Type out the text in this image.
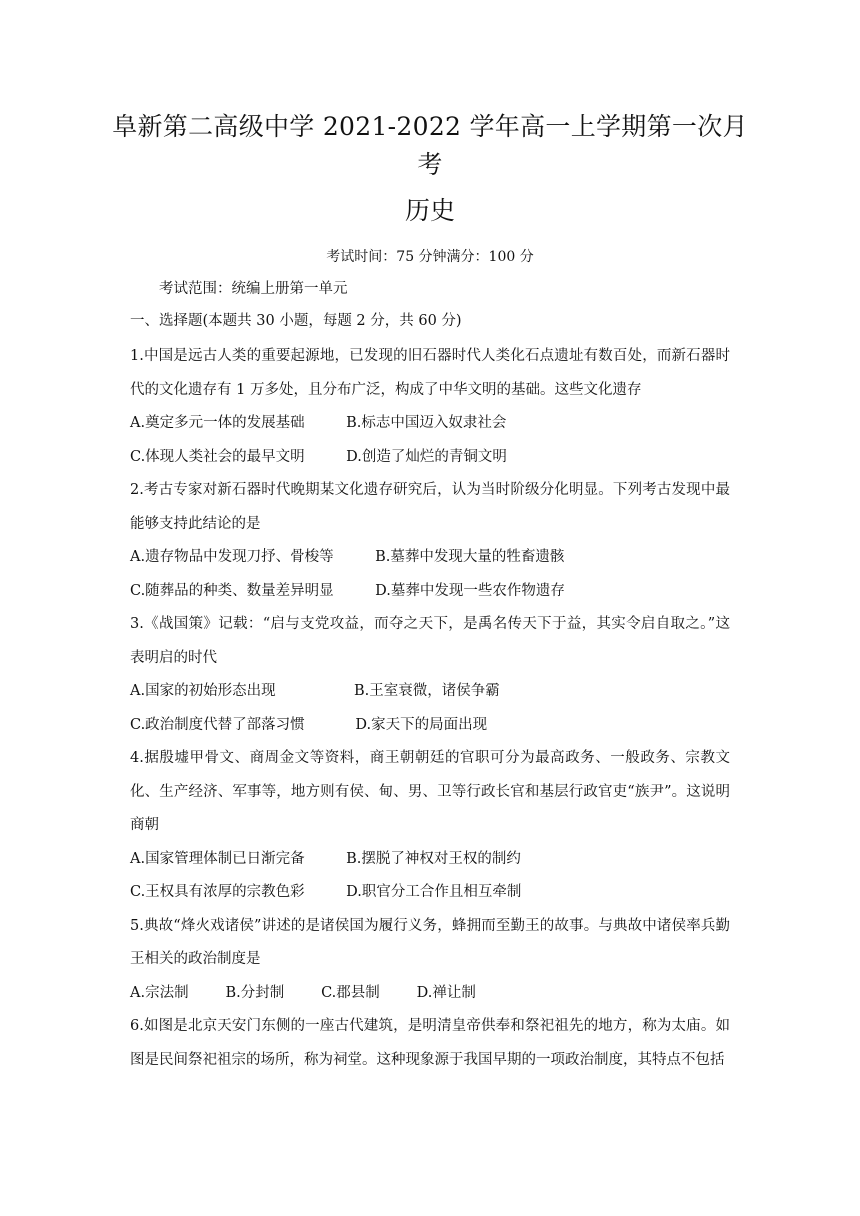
阜新第二高级中学 2021-2022 学年高一上学期第一次月考
历史
考试时间：75 分钟满分：100 分
考试范围：统编上册第一单元
一、选择题(本题共 30 小题，每题 2 分，共 60 分)
1.中国是远古人类的重要起源地，已发现的旧石器时代人类化石点遗址有数百处，而新石器时代的文化遗存有 1 万多处，且分布广泛，构成了中华文明的基础。这些文化遗存
A.奠定多元一体的发展基础	B.标志中国迈入奴隶社会
C.体现人类社会的最早文明	D.创造了灿烂的青铜文明
2.考古专家对新石器时代晚期某文化遗存研究后，认为当时阶级分化明显。下列考古发现中最能够支持此结论的是
A.遗存物品中发现刀抒、骨梭等	B.墓葬中发现大量的牲畜遗骸
C.随葬品的种类、数量差异明显	D.墓葬中发现一些农作物遗存
3.《战国策》记载：“启与支党攻益，而夺之天下，是禹名传天下于益，其实令启自取之。”这表明启的时代
A.国家的初始形态出现	B.王室衰微，诸侯争霸
C.政治制度代替了部落习惯	D.家天下的局面出现
4.据殷墟甲骨文、商周金文等资料，商王朝朝廷的官职可分为最高政务、一般政务、宗教文化、生产经济、军事等，地方则有侯、甸、男、卫等行政长官和基层行政官吏“族尹”。这说明商朝
A.国家管理体制已日渐完备	B.摆脱了神权对王权的制约
C.王权具有浓厚的宗教色彩	D.职官分工合作且相互牵制
5.典故“烽火戏诸侯”讲述的是诸侯国为履行义务，蜂拥而至勤王的故事。与典故中诸侯率兵勤王相关的政治制度是
A.宗法制	B.分封制	C.郡县制	D.禅让制
6.如图是北京天安门东侧的一座古代建筑，是明清皇帝供奉和祭祀祖先的地方，称为太庙。如图是民间祭祀祖宗的场所，称为祠堂。这种现象源于我国早期的一项政治制度，其特点不包括
